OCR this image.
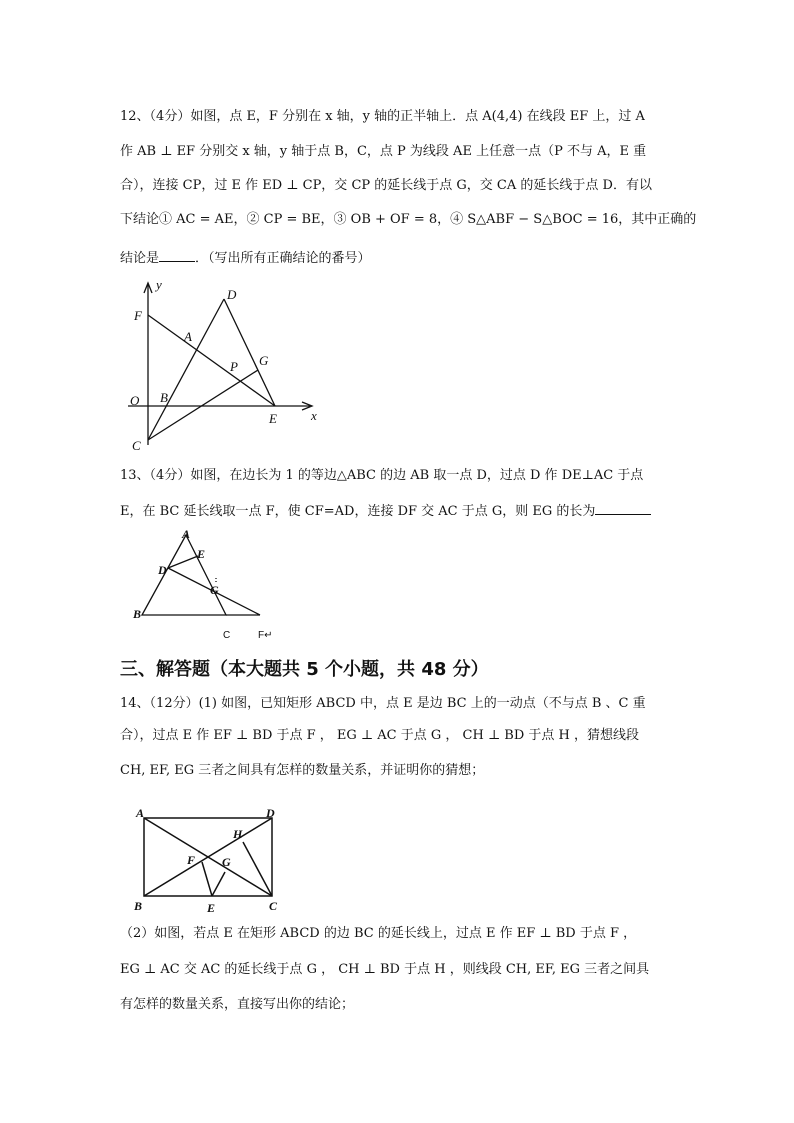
12、（4分）如图，点 E，F 分别在 x 轴，y 轴的正半轴上．点 A(4,4) 在线段 EF 上，过 A
作 AB ⊥ EF 分别交 x 轴，y 轴于点 B，C，点 P 为线段 AE 上任意一点（P 不与 A，E 重
合），连接 CP，过 E 作 ED ⊥ CP，交 CP 的延长线于点 G，交 CA 的延长线于点 D．有以
下结论① AC = AE，② CP = BE，③ OB + OF = 8，④ S△ABF − S△BOC = 16，其中正确的
结论是	．（写出所有正确结论的番号）
y
F
D
A
G
P
O B
E	x
C
13、（4分）如图，在边长为 1 的等边△ABC 的边 AB 取一点 D，过点 D 作 DE⊥AC 于点
E，在 BC 延长线取一点 F，使 CF=AD，连接 DF 交 AC 于点 G，则 EG 的长为
A
E
D
G
B
C	F↵
三、解答题（本大题共 5 个小题，共 48 分）
14、（12分）(1) 如图，已知矩形 ABCD 中，点 E 是边 BC 上的一动点（不与点 B 、C 重
合），过点 E 作 EF ⊥ BD 于点 F ， EG ⊥ AC 于点 G ， CH ⊥ BD 于点 H ，猜想线段
CH, EF, EG 三者之间具有怎样的数量关系，并证明你的猜想；
A	D
H
F G
B	E	C
（2）如图，若点 E 在矩形 ABCD 的边 BC 的延长线上，过点 E 作 EF ⊥ BD 于点 F ，
EG ⊥ AC 交 AC 的延长线于点 G ， CH ⊥ BD 于点 H ，则线段 CH, EF, EG 三者之间具
有怎样的数量关系，直接写出你的结论；
